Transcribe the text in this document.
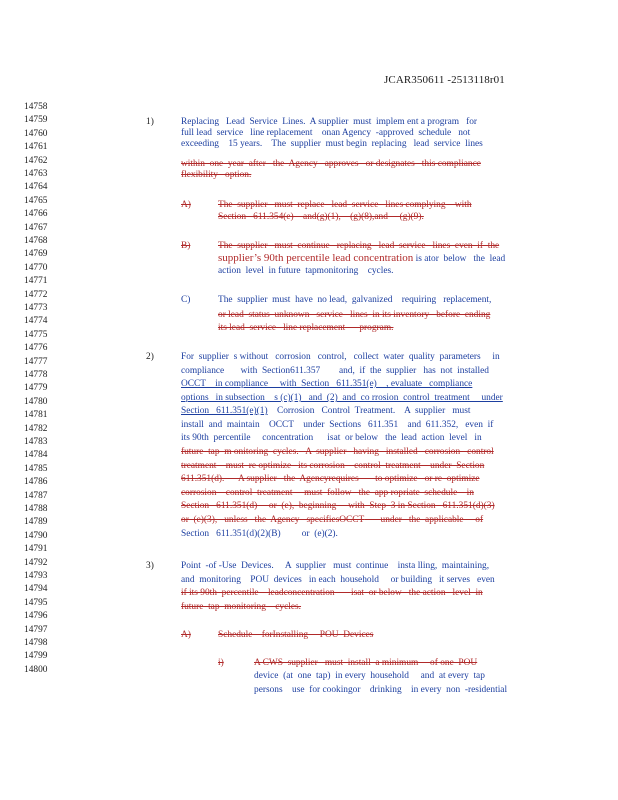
JCAR350611 -2513118r01
14758
14759
14760
14761
14762
14763
14764
14765
14766
14767
14768
14769
14770
14771
14772
14773
14774
14775
14776
14777
14778
14779
14780
14781
14782
14783
14784
14785
14786
14787
14788
14789
14790
14791
14792
14793
14794
14795
14796
14797
14798
14799
14800
1)	Replacing   Lead  Service  Lines.  A supplier  must  implem ent a program   for
full lead  service   line replacement    onan Agency  -approved  schedule   not
exceeding    15 years.    The  supplier  must begin  replacing   lead  service  lines
within  one  year  after   the  Agency   approves   or designates   this compliance
flexibility   option.
A)	The  supplier   must  replace   lead  service   lines complying    with
Section   611.354(e)    and(g)(1),    (g)(8),and     (g)(9).
B)	The  supplier   must  continue   replacing   lead  service   lines  even  if  the
supplier’s 90th percentile lead concentration is ator  below   the  lead
action  level  in future  tapmonitoring    cycles.
C)	The  supplier  must  have  no lead,  galvanized    requiring   replacement,
or lead  status  unknown   service   lines  in its inventory   before  ending
its lead  service   line replacement      program.
2)	For  supplier  s without   corrosion   control,   collect  water  quality  parameters     in
compliance       with  Section611.357        and,  if  the  supplier   has  not  installed
OCCT    in compliance     with  Section   611.351(e)    , evaluate   compliance
options   in subsection    s (c)(1)   and  (2)  and  co rrosion  control  treatment     under
Section   611.351(e)(1)    Corrosion   Control  Treatment.    A  supplier   must
install  and  maintain    OCCT    under  Sections   611.351    and  611.352,   even  if
its 90th  percentile     concentration      isat  or below   the  lead  action  level   in
future  tap  m onitoring  cycles.   A  supplier   having   installed   corrosion   control
treatment    must  re optimize   its corrosion    control  treatment    under  Section
611.351(d).      A supplier   the  Agencyrequires       to optimize   or re  optimize
corrosion    control  treatment     must  follow   the  app ropriate  schedule    in
Section   611.351(d)     or  (e),  beginning     with  Step  3 in Section   611.351(d)(3)
or  (e)(3),   unless   the  Agency   specifiesOCCT       under   the  applicable     of
Section   611.351(d)(2)(B)         or  (e)(2).
3)	Point  -of -Use  Devices.     A  supplier   must  continue    insta lling,  maintaining,
and  monitoring    POU  devices   in each  household     or building   it serves   even
if its 90th  percentile    leadconcentration       isat  or below   the action   level  in
future  tap  monitoring    cycles.
A)	Schedule    forInstalling     POU  Devices
i)	A CWS  supplier   must  install  a minimum     of one  POU
device  (at  one  tap)  in every  household     and  at every  tap
persons    use  for cookingor    drinking    in every  non  -residential
